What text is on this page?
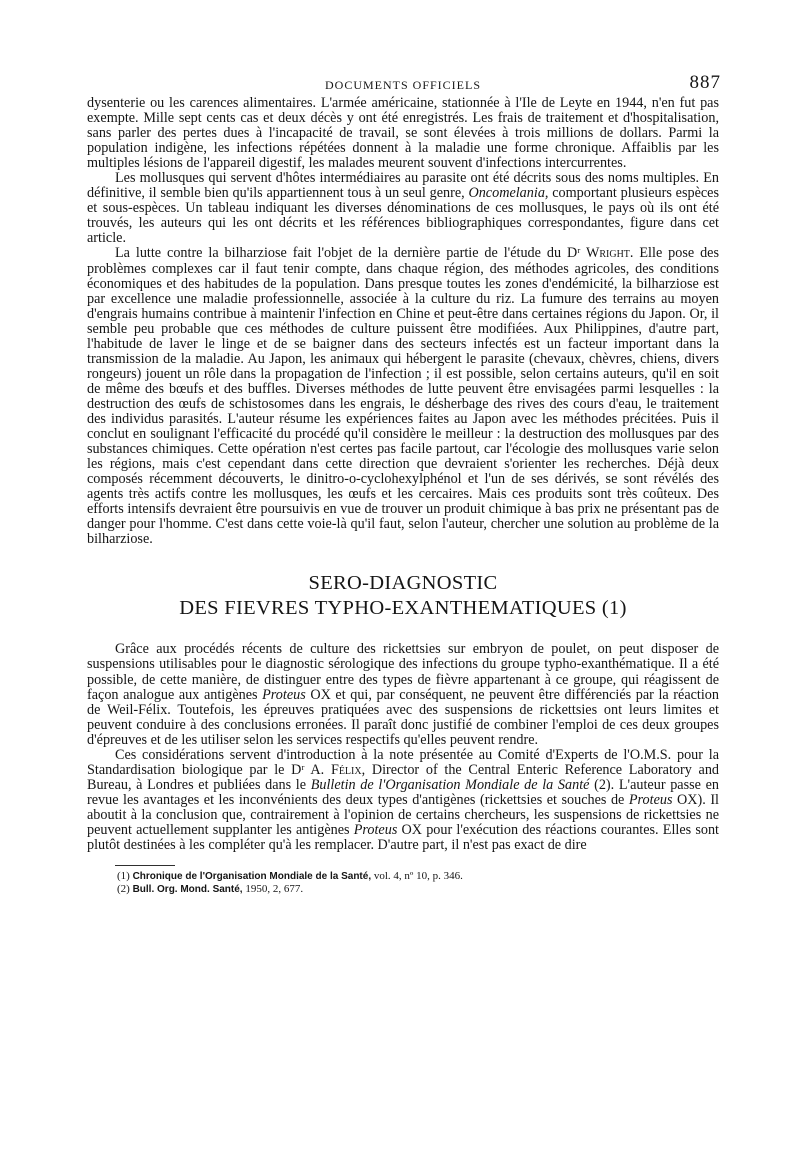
DOCUMENTS OFFICIELS	887

dysenterie ou les carences alimentaires. L'armée américaine, stationnée à l'Ile de Leyte en 1944, n'en fut pas exempte. Mille sept cents cas et deux décès y ont été enregistrés. Les frais de traitement et d'hospitalisation, sans parler des pertes dues à l'incapacité de travail, se sont élevées à trois millions de dollars. Parmi la population indigène, les infections répétées donnent à la maladie une forme chronique. Affaiblis par les multiples lésions de l'appareil digestif, les malades meurent souvent d'infections intercurrentes.

Les mollusques qui servent d'hôtes intermédiaires au parasite ont été décrits sous des noms multiples. En définitive, il semble bien qu'ils appartiennent tous à un seul genre, Oncomelania, comportant plusieurs espèces et sous-espèces. Un tableau indiquant les diverses dénominations de ces mollusques, le pays où ils ont été trouvés, les auteurs qui les ont décrits et les références bibliographiques correspondantes, figure dans cet article.

La lutte contre la bilharziose fait l'objet de la dernière partie de l'étude du Dʳ Wright. Elle pose des problèmes complexes car il faut tenir compte, dans chaque région, des méthodes agricoles, des conditions économiques et des habitudes de la population. Dans presque toutes les zones d'endémicité, la bilharziose est par excellence une maladie professionnelle, associée à la culture du riz. La fumure des terrains au moyen d'engrais humains contribue à maintenir l'infection en Chine et peut-être dans certaines régions du Japon. Or, il semble peu probable que ces méthodes de culture puissent être modifiées. Aux Philippines, d'autre part, l'habitude de laver le linge et de se baigner dans des secteurs infectés est un facteur important dans la transmission de la maladie. Au Japon, les animaux qui hébergent le parasite (chevaux, chèvres, chiens, divers rongeurs) jouent un rôle dans la propagation de l'infection ; il est possible, selon certains auteurs, qu'il en soit de même des bœufs et des buffles. Diverses méthodes de lutte peuvent être envisagées parmi lesquelles : la destruction des œufs de schistosomes dans les engrais, le désherbage des rives des cours d'eau, le traitement des individus parasités. L'auteur résume les expériences faites au Japon avec les méthodes précitées. Puis il conclut en soulignant l'efficacité du procédé qu'il considère le meilleur : la destruction des mollusques par des substances chimiques. Cette opération n'est certes pas facile partout, car l'écologie des mollusques varie selon les régions, mais c'est cependant dans cette direction que devraient s'orienter les recherches. Déjà deux composés récemment découverts, le dinitro-o-cyclohexylphénol et l'un de ses dérivés, se sont révélés des agents très actifs contre les mollusques, les œufs et les cercaires. Mais ces produits sont très coûteux. Des efforts intensifs devraient être poursuivis en vue de trouver un produit chimique à bas prix ne présentant pas de danger pour l'homme. C'est dans cette voie-là qu'il faut, selon l'auteur, chercher une solution au problème de la bilharziose.

SERO-DIAGNOSTIC

DES FIEVRES TYPHO-EXANTHEMATIQUES (1)

Grâce aux procédés récents de culture des rickettsies sur embryon de poulet, on peut disposer de suspensions utilisables pour le diagnostic sérologique des infections du groupe typho-exanthématique. Il a été possible, de cette manière, de distinguer entre des types de fièvre appartenant à ce groupe, qui réagissent de façon analogue aux antigènes Proteus OX et qui, par conséquent, ne peuvent être différenciés par la réaction de Weil-Félix. Toutefois, les épreuves pratiquées avec des suspensions de rickettsies ont leurs limites et peuvent conduire à des conclusions erronées. Il paraît donc justifié de combiner l'emploi de ces deux groupes d'épreuves et de les utiliser selon les services respectifs qu'elles peuvent rendre.

Ces considérations servent d'introduction à la note présentée au Comité d'Experts de l'O.M.S. pour la Standardisation biologique par le Dʳ A. Félix, Director of the Central Enteric Reference Laboratory and Bureau, à Londres et publiées dans le Bulletin de l'Organisation Mondiale de la Santé (2). L'auteur passe en revue les avantages et les inconvénients des deux types d'antigènes (rickettsies et souches de Proteus OX). Il aboutit à la conclusion que, contrairement à l'opinion de certains chercheurs, les suspensions de rickettsies ne peuvent actuellement supplanter les antigènes Proteus OX pour l'exécution des réactions courantes. Elles sont plutôt destinées à les compléter qu'à les remplacer. D'autre part, il n'est pas exact de dire

(1) Chronique de l'Organisation Mondiale de la Santé, vol. 4, nº 10, p. 346.
(2) Bull. Org. Mond. Santé, 1950, 2, 677.
